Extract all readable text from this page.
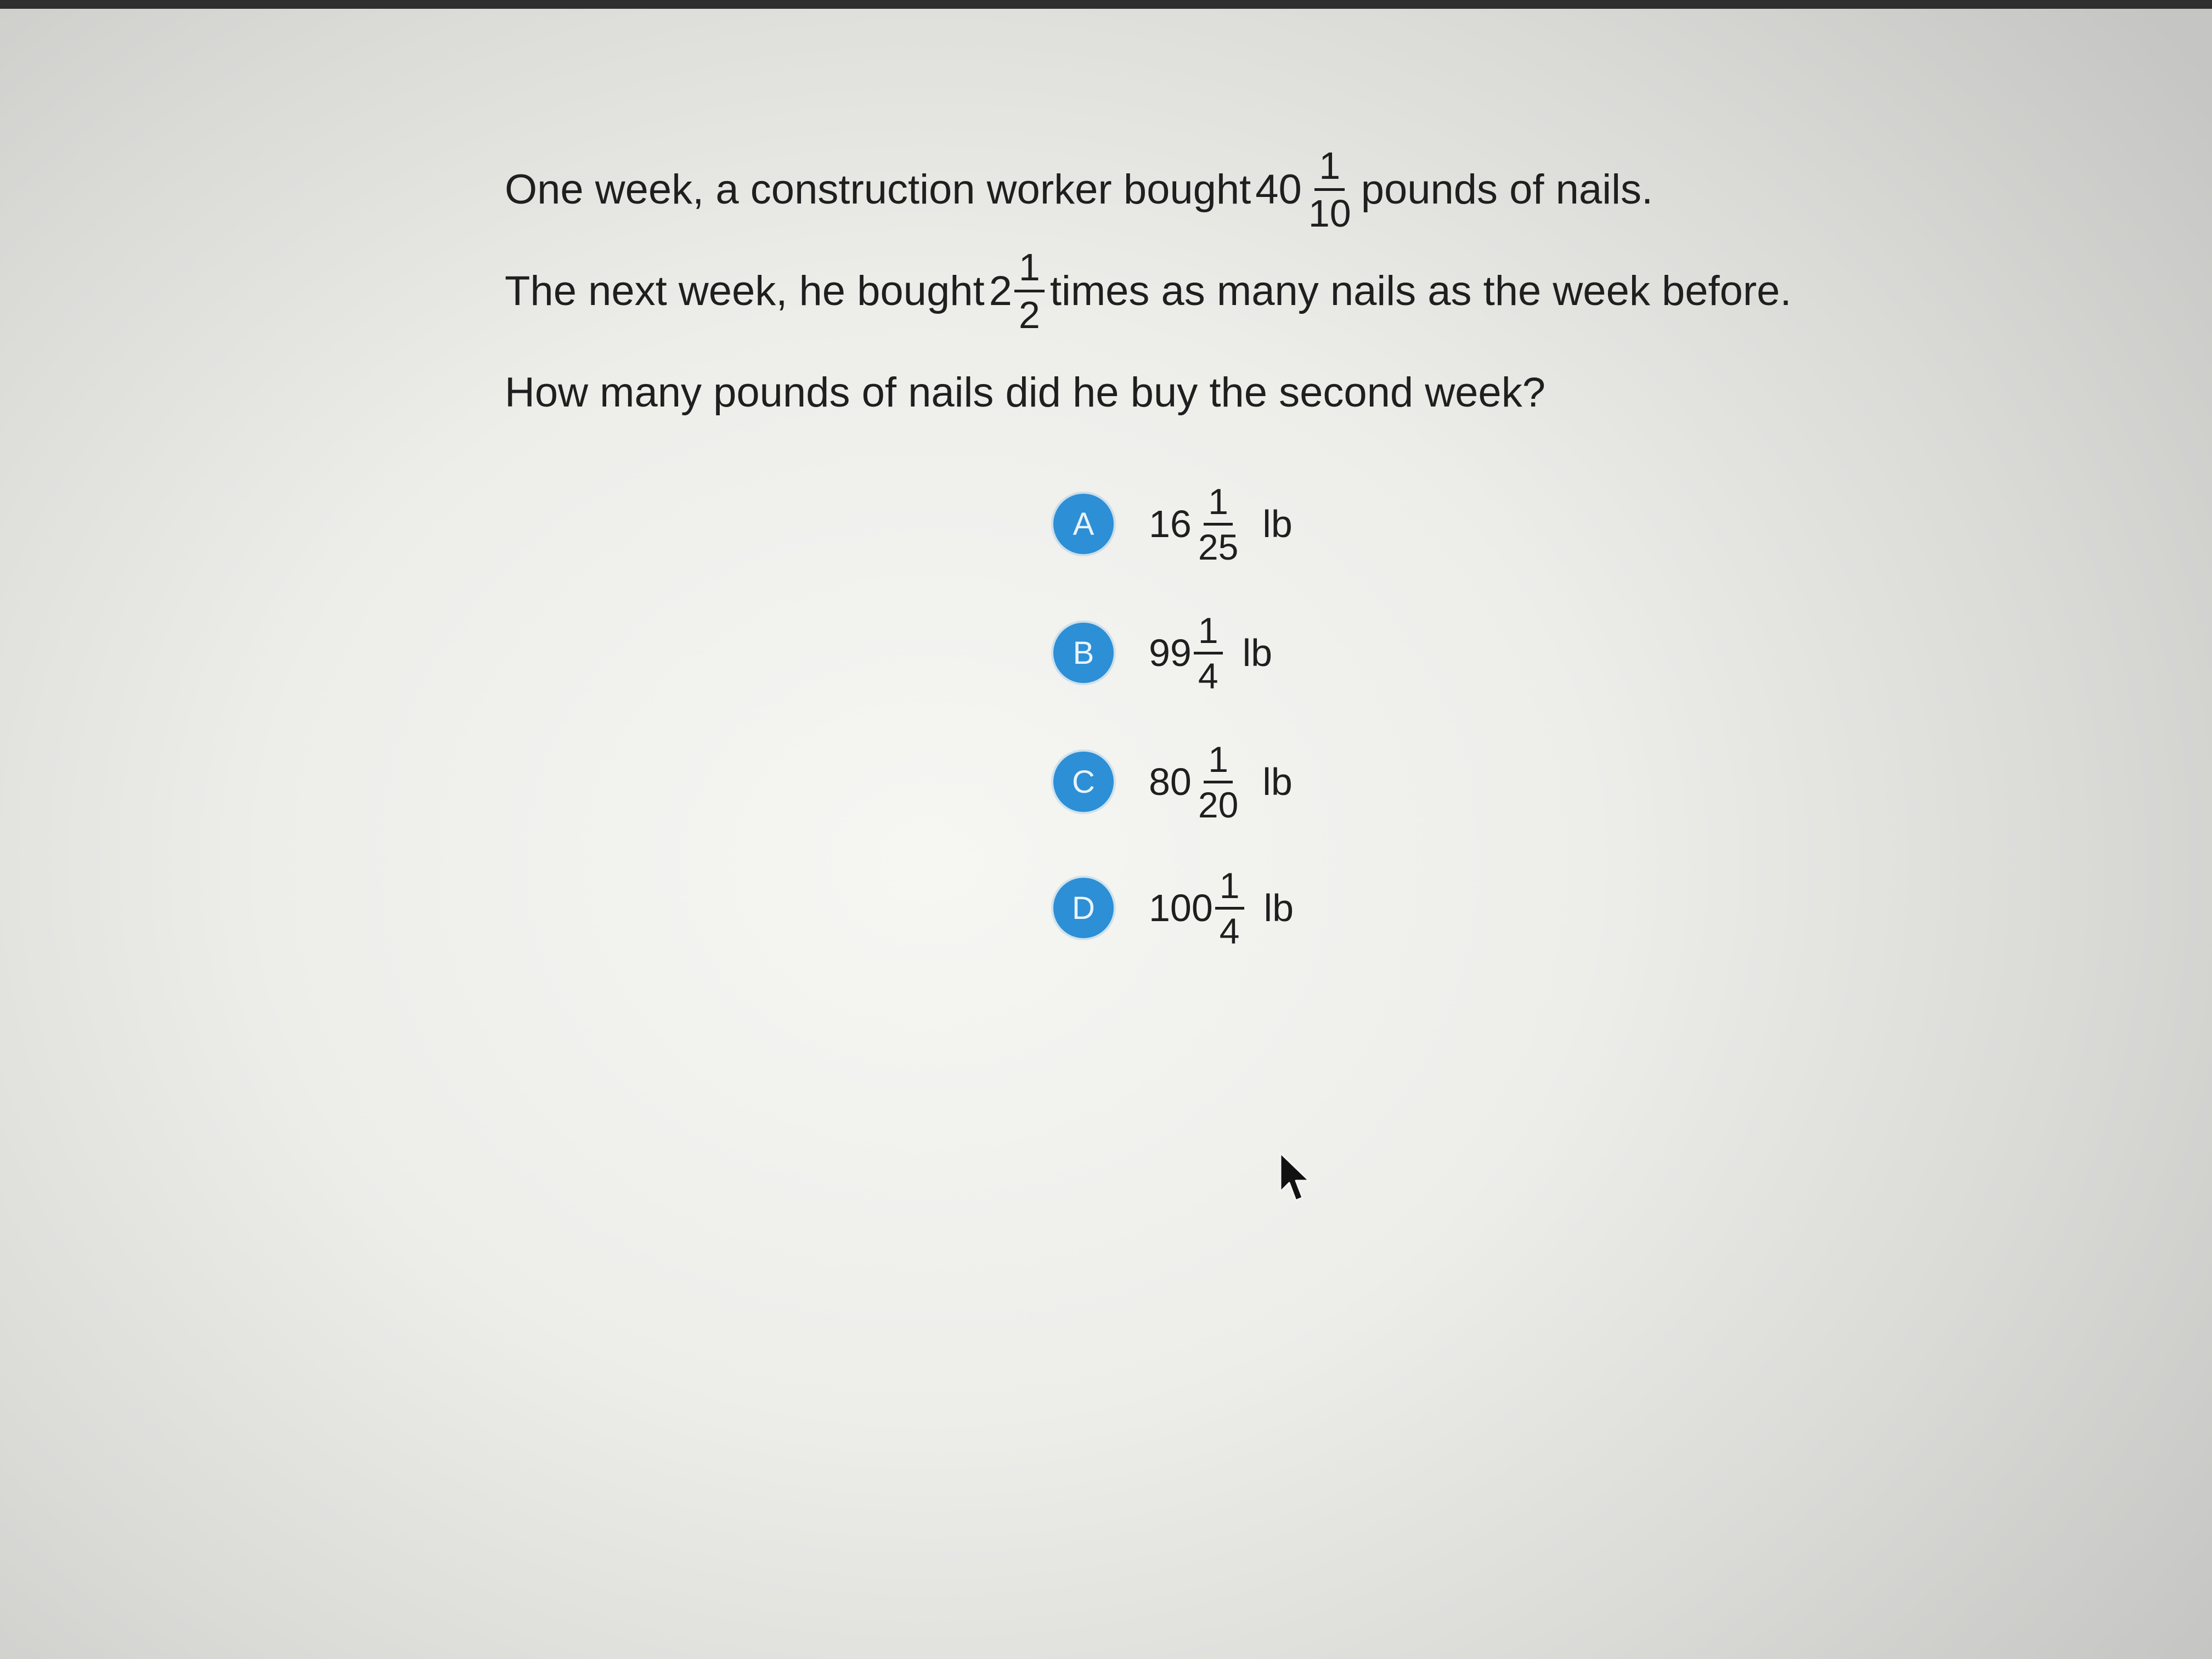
One week, a construction worker bought $40 \frac{1}{10}$ pounds of nails.
The next week, he bought $2 \frac{1}{2}$ times as many nails as the week before.
How many pounds of nails did he buy the second week?
A	$16 \frac{1}{25}$ lb
B	$99 \frac{1}{4}$ lb
C	$80 \frac{1}{20}$ lb
D	$100 \frac{1}{4}$ lb
